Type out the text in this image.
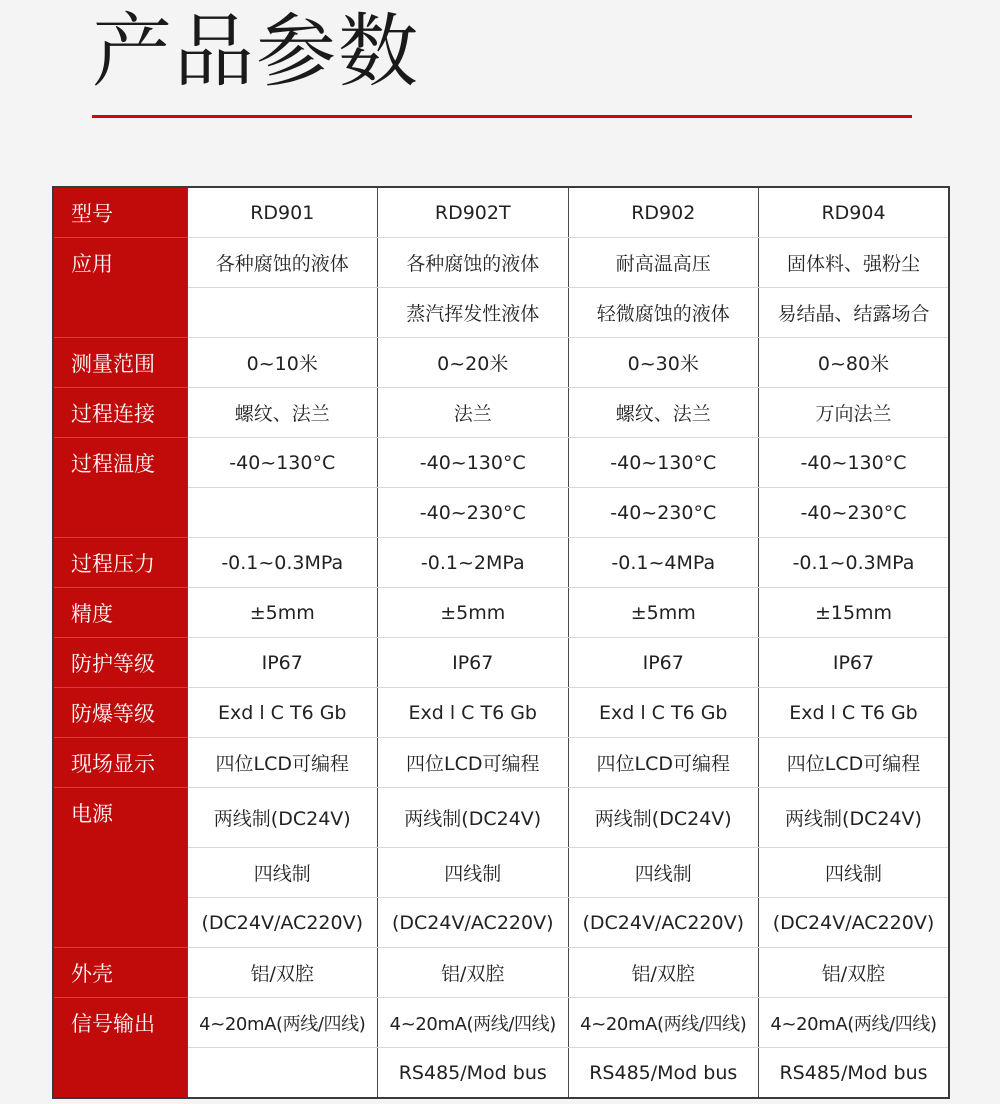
产品参数
型号	RD901	RD902T	RD902	RD904
应用	各种腐蚀的液体	各种腐蚀的液体	耐高温高压	固体料、强粉尘
		蒸汽挥发性液体	轻微腐蚀的液体	易结晶、结露场合
测量范围	0~10米	0~20米	0~30米	0~80米
过程连接	螺纹、法兰	法兰	螺纹、法兰	万向法兰
过程温度	-40~130°C	-40~130°C	-40~130°C	-40~130°C
		-40~230°C	-40~230°C	-40~230°C
过程压力	-0.1~0.3MPa	-0.1~2MPa	-0.1~4MPa	-0.1~0.3MPa
精度	±5mm	±5mm	±5mm	±15mm
防护等级	IP67	IP67	IP67	IP67
防爆等级	Exd l C T6 Gb	Exd l C T6 Gb	Exd l C T6 Gb	Exd l C T6 Gb
现场显示	四位LCD可编程	四位LCD可编程	四位LCD可编程	四位LCD可编程
电源	两线制(DC24V)	两线制(DC24V)	两线制(DC24V)	两线制(DC24V)
	四线制	四线制	四线制	四线制
	(DC24V/AC220V)	(DC24V/AC220V)	(DC24V/AC220V)	(DC24V/AC220V)
外壳	铝/双腔	铝/双腔	铝/双腔	铝/双腔
信号输出	4~20mA(两线/四线)	4~20mA(两线/四线)	4~20mA(两线/四线)	4~20mA(两线/四线)
		RS485/Mod bus	RS485/Mod bus	RS485/Mod bus
